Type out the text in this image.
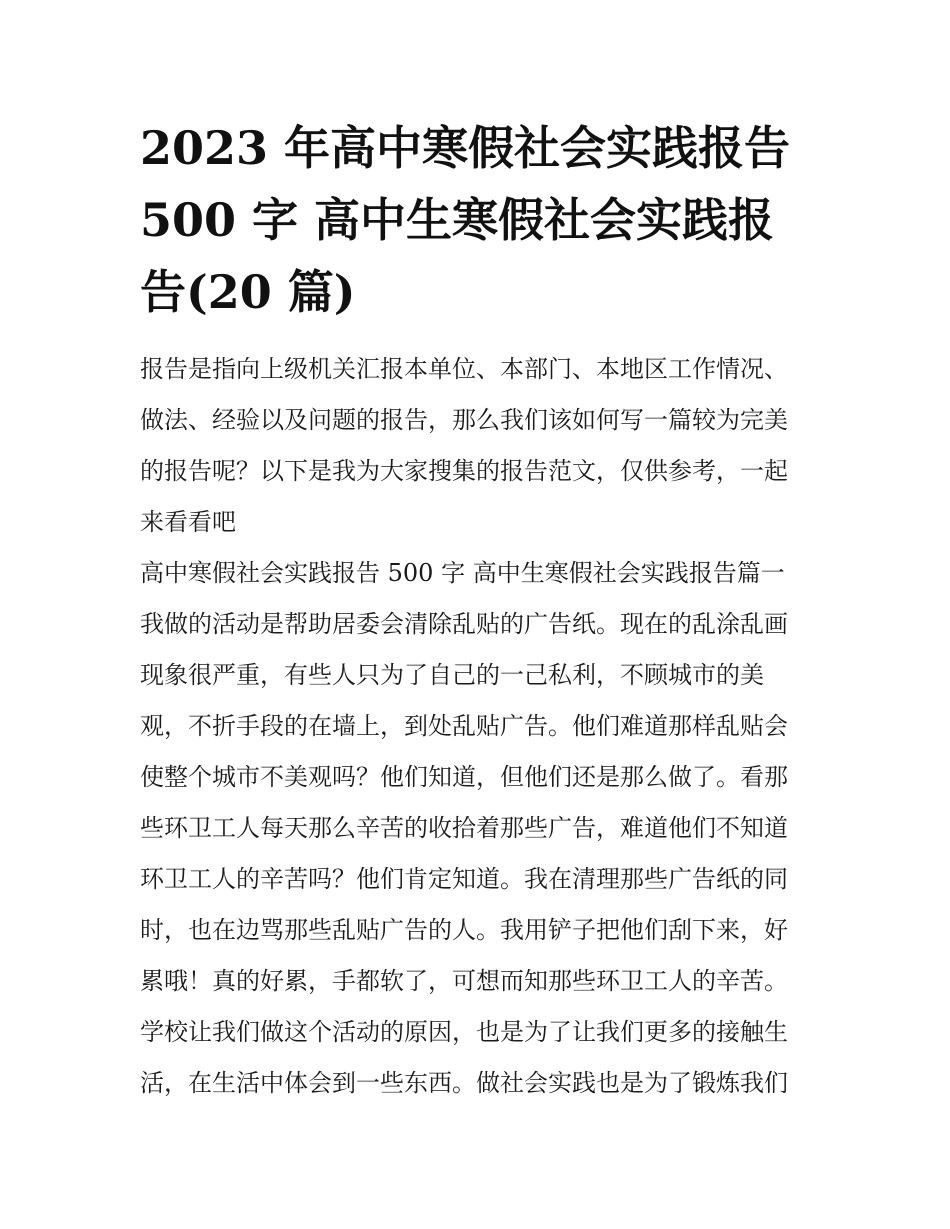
2023 年高中寒假社会实践报告
500 字 高中生寒假社会实践报
告(20 篇)
报告是指向上级机关汇报本单位、本部门、本地区工作情况、
做法、经验以及问题的报告，那么我们该如何写一篇较为完美
的报告呢？以下是我为大家搜集的报告范文，仅供参考，一起
来看看吧
高中寒假社会实践报告 500 字 高中生寒假社会实践报告篇一
我做的活动是帮助居委会清除乱贴的广告纸。现在的乱涂乱画
现象很严重，有些人只为了自己的一己私利，不顾城市的美
观，不折手段的在墙上，到处乱贴广告。他们难道那样乱贴会
使整个城市不美观吗？他们知道，但他们还是那么做了。看那
些环卫工人每天那么辛苦的收拾着那些广告，难道他们不知道
环卫工人的辛苦吗？他们肯定知道。我在清理那些广告纸的同
时，也在边骂那些乱贴广告的人。我用铲子把他们刮下来，好
累哦！真的好累，手都软了，可想而知那些环卫工人的辛苦。
学校让我们做这个活动的原因，也是为了让我们更多的接触生
活，在生活中体会到一些东西。做社会实践也是为了锻炼我们
